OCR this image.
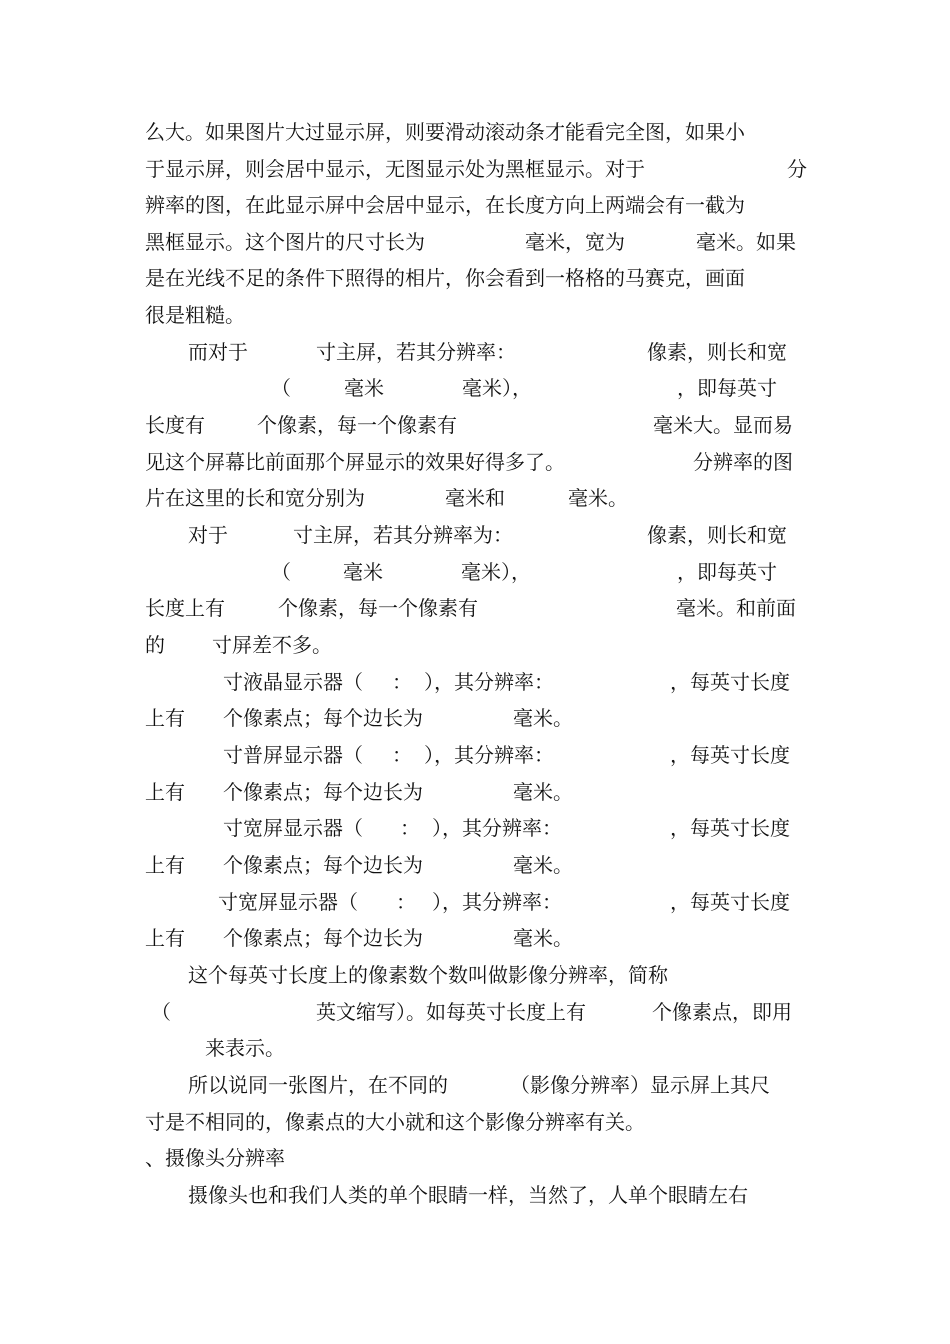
么大。如果图片大过显示屏，则要滑动滚动条才能看完全图，如果小

于显示屏，则会居中显示，无图显示处为黑框显示。对于

	分

辨率的图，在此显示屏中会居中显示，在长度方向上两端会有一截为

黑框显示。这个图片的尺寸长为

	毫米，宽为

	毫米。如果

是在光线不足的条件下照得的相片，你会看到一格格的马赛克，画面
很是粗糙。

而对于

	寸主屏，若其分辨率：

	像素，则长和宽

（

	毫米

	毫米），

	，即每英寸

长度有

	个像素，每一个像素有

	毫米大。显而易

见这个屏幕比前面那个屏显示的效果好得多了。

	分辨率的图

片在这里的长和宽分别为

	毫米和

	毫米。

对于

	寸主屏，若其分辨率为：

	像素，则长和宽

（

	毫米

	毫米），

	，即每英寸

长度上有

	个像素，每一个像素有

	毫米。和前面

的

寸屏差不多。

寸液晶显示器（

：

），其分辨率：

	，每英寸长度

上有

个像素点；每个边长为

	毫米。

寸普屏显示器（

：

），其分辨率：

	，每英寸长度

上有

个像素点；每个边长为

	毫米。

寸宽屏显示器（

：

），其分辨率：

	，每英寸长度

上有

个像素点；每个边长为

	毫米。

寸宽屏显示器（

：

），其分辨率：

	，每英寸长度

上有

个像素点；每个边长为

	毫米。

这个每英寸长度上的像素数个数叫做影像分辨率，简称

（

	英文缩写）。如每英寸长度上有

	个像素点，即用

来表示。

所以说同一张图片，在不同的

	（影像分辨率）显示屏上其尺

寸是不相同的，像素点的大小就和这个影像分辨率有关。

、摄像头分辨率

摄像头也和我们人类的单个眼睛一样，当然了，人单个眼睛左右
